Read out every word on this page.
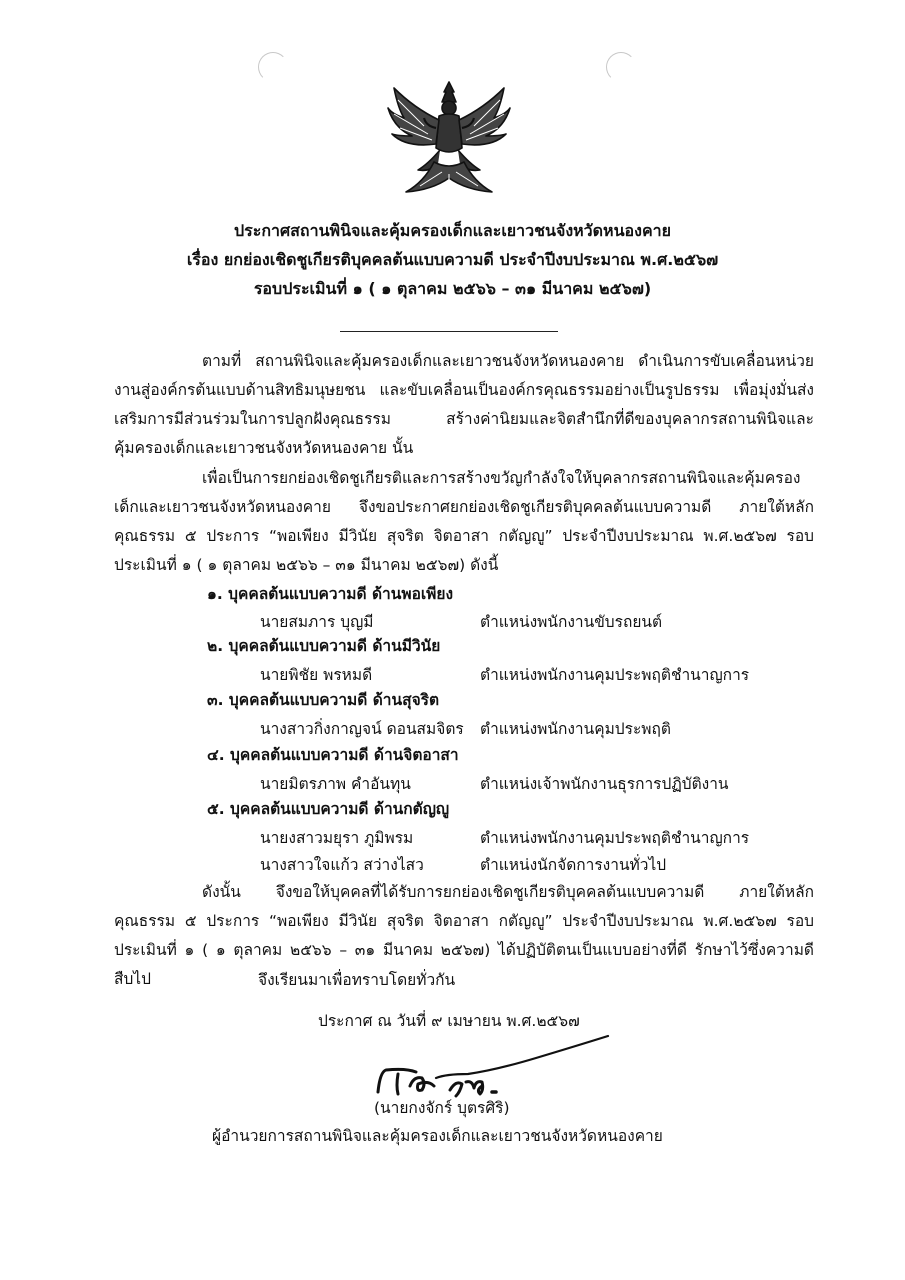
ประกาศสถานพินิจและคุ้มครองเด็กและเยาวชนจังหวัดหนองคาย
เรื่อง ยกย่องเชิดชูเกียรติบุคคลต้นแบบความดี ประจำปีงบประมาณ พ.ศ.๒๕๖๗
รอบประเมินที่ ๑ ( ๑ ตุลาคม ๒๕๖๖ – ๓๑ มีนาคม ๒๕๖๗)
ตามที่ สถานพินิจและคุ้มครองเด็กและเยาวชนจังหวัดหนองคาย ดำเนินการขับเคลื่อนหน่วยงานสู่องค์กรต้นแบบด้านสิทธิมนุษยชน และขับเคลื่อนเป็นองค์กรคุณธรรมอย่างเป็นรูปธรรม เพื่อมุ่งมั่นส่งเสริมการมีส่วนร่วมในการปลูกฝังคุณธรรม สร้างค่านิยมและจิตสำนึกที่ดีของบุคลากรสถานพินิจและคุ้มครองเด็กและเยาวชนจังหวัดหนองคาย นั้น
เพื่อเป็นการยกย่องเชิดชูเกียรติและการสร้างขวัญกำลังใจให้บุคลากรสถานพินิจและคุ้มครองเด็กและเยาวชนจังหวัดหนองคาย จึงขอประกาศยกย่องเชิดชูเกียรติบุคคลต้นแบบความดี ภายใต้หลักคุณธรรม ๕ ประการ “พอเพียง มีวินัย สุจริต จิตอาสา กตัญญู” ประจำปีงบประมาณ พ.ศ.๒๕๖๗ รอบประเมินที่ ๑ ( ๑ ตุลาคม ๒๕๖๖ – ๓๑ มีนาคม ๒๕๖๗) ดังนี้
๑. บุคคลต้นแบบความดี ด้านพอเพียง
นายสมภาร บุญมี	ตำแหน่งพนักงานขับรถยนต์
๒. บุคคลต้นแบบความดี ด้านมีวินัย
นายพิชัย พรหมดี	ตำแหน่งพนักงานคุมประพฤติชำนาญการ
๓. บุคคลต้นแบบความดี ด้านสุจริต
นางสาวกิ่งกาญจน์ ดอนสมจิตร ตำแหน่งพนักงานคุมประพฤติ
๔. บุคคลต้นแบบความดี ด้านจิตอาสา
นายมิตรภาพ คำอันทุน	ตำแหน่งเจ้าพนักงานธุรการปฏิบัติงาน
๕. บุคคลต้นแบบความดี ด้านกตัญญู
นายงสาวมยุรา ภูมิพรม	ตำแหน่งพนักงานคุมประพฤติชำนาญการ
นางสาวใจแก้ว สว่างไสว	ตำแหน่งนักจัดการงานทั่วไป
ดังนั้น จึงขอให้บุคคลที่ได้รับการยกย่องเชิดชูเกียรติบุคคลต้นแบบความดี ภายใต้หลักคุณธรรม ๕ ประการ “พอเพียง มีวินัย สุจริต จิตอาสา กตัญญู” ประจำปีงบประมาณ พ.ศ.๒๕๖๗ รอบประเมินที่ ๑ ( ๑ ตุลาคม ๒๕๖๖ – ๓๑ มีนาคม ๒๕๖๗) ได้ปฏิบัติตนเป็นแบบอย่างที่ดี รักษาไว้ซึ่งความดี สืบไป	จึงเรียนมาเพื่อทราบโดยทั่วกัน
ประกาศ ณ วันที่ ๙ เมษายน พ.ศ.๒๕๖๗
(นายกงจักร์ บุตรศิริ)
ผู้อำนวยการสถานพินิจและคุ้มครองเด็กและเยาวชนจังหวัดหนองคาย
